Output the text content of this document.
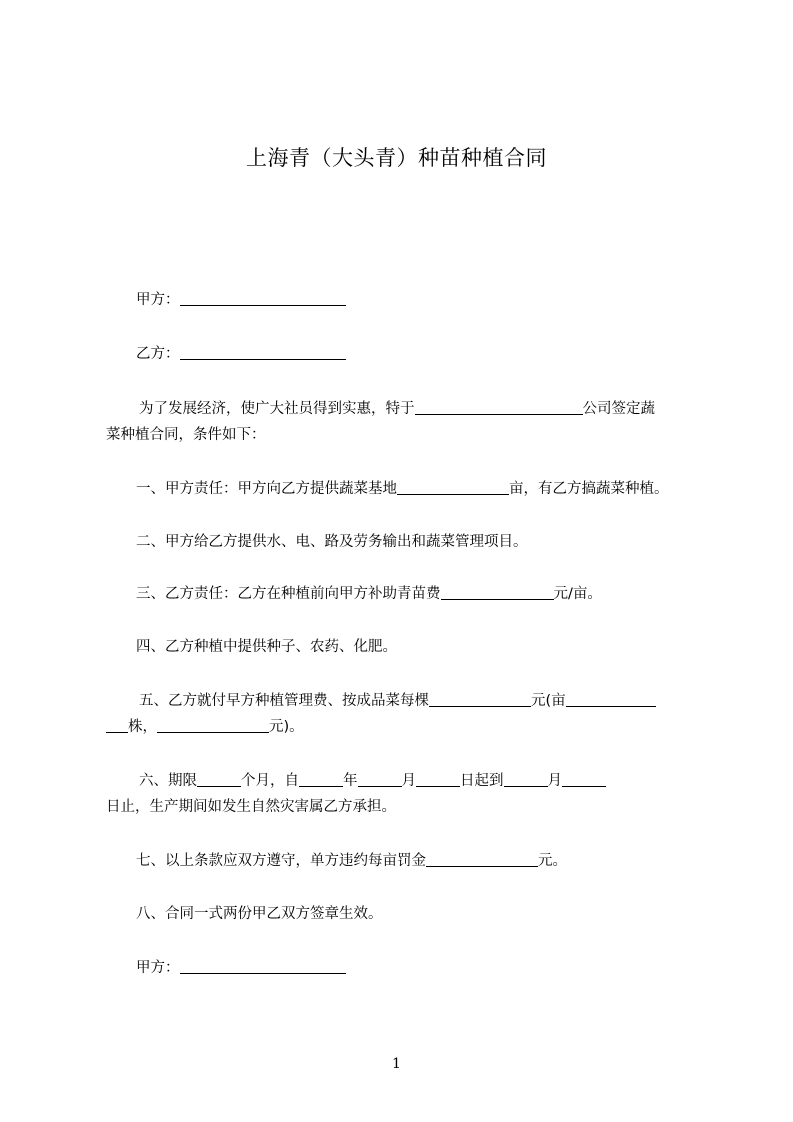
上海青（大头青）种苗种植合同
甲方：
乙方：
为了发展经济，使广大社员得到实惠，特于	公司签定蔬
菜种植合同，条件如下：
一、甲方责任：甲方向乙方提供蔬菜基地	亩，有乙方搞蔬菜种植。
二、甲方给乙方提供水、电、路及劳务输出和蔬菜管理项目。
三、乙方责任：乙方在种植前向甲方补助青苗费	元/亩。
四、乙方种植中提供种子、农药、化肥。
五、乙方就付早方种植管理费、按成品菜每棵	元(亩
株，	元)。
六、期限	个月，自	年	月	日起到	月
日止，生产期间如发生自然灾害属乙方承担。
七、以上条款应双方遵守，单方违约每亩罚金	元。
八、合同一式两份甲乙双方签章生效。
甲方：
1
